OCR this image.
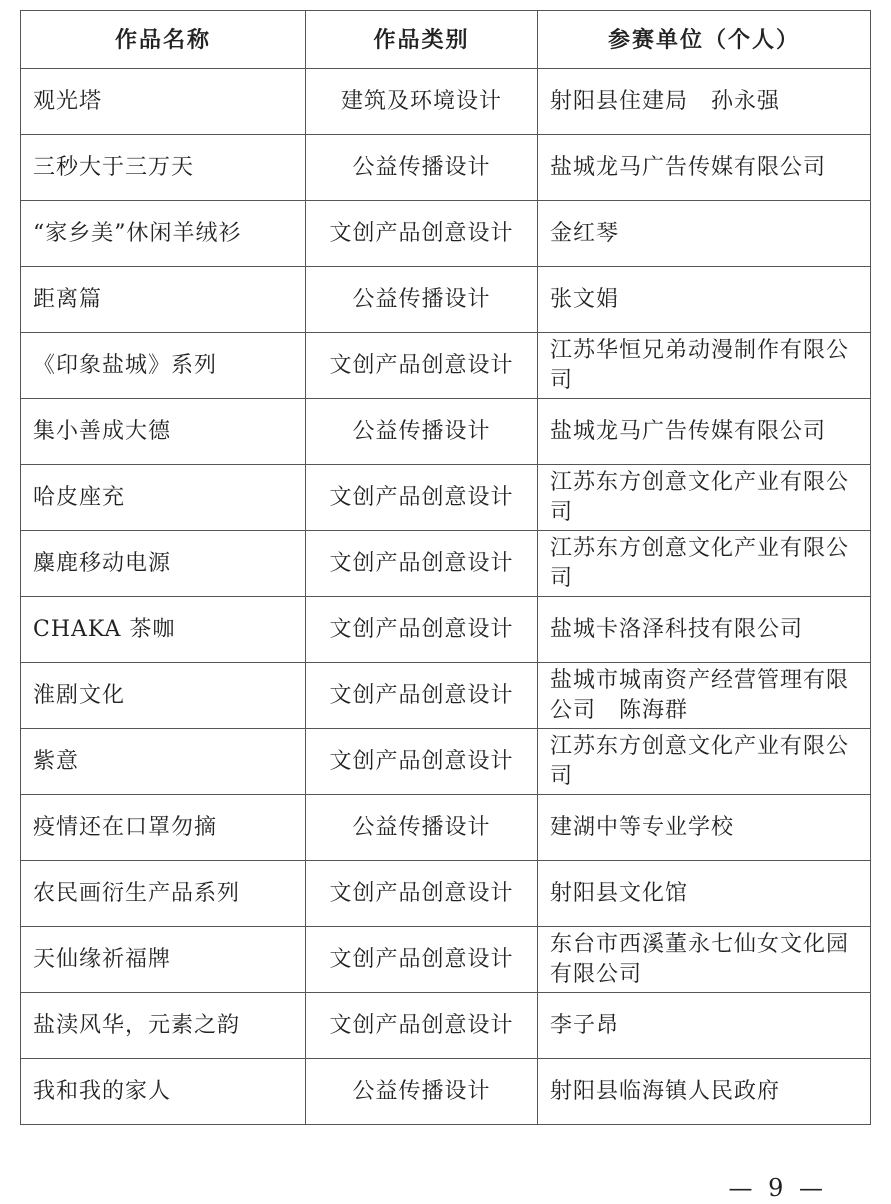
作品名称	作品类别	参赛单位（个人）
观光塔	建筑及环境设计	射阳县住建局　孙永强
三秒大于三万天	公益传播设计	盐城龙马广告传媒有限公司
“家乡美”休闲羊绒衫	文创产品创意设计	金红琴
距离篇	公益传播设计	张文娟
《印象盐城》系列	文创产品创意设计	江苏华恒兄弟动漫制作有限公司
集小善成大德	公益传播设计	盐城龙马广告传媒有限公司
哈皮座充	文创产品创意设计	江苏东方创意文化产业有限公司
麋鹿移动电源	文创产品创意设计	江苏东方创意文化产业有限公司
CHAKA 茶咖	文创产品创意设计	盐城卡洛泽科技有限公司
淮剧文化	文创产品创意设计	盐城市城南资产经营管理有限公司　陈海群
紫意	文创产品创意设计	江苏东方创意文化产业有限公司
疫情还在口罩勿摘	公益传播设计	建湖中等专业学校
农民画衍生产品系列	文创产品创意设计	射阳县文化馆
天仙缘祈福牌	文创产品创意设计	东台市西溪董永七仙女文化园有限公司
盐渎风华，元素之韵	文创产品创意设计	李子昂
我和我的家人	公益传播设计	射阳县临海镇人民政府
— 9 —
